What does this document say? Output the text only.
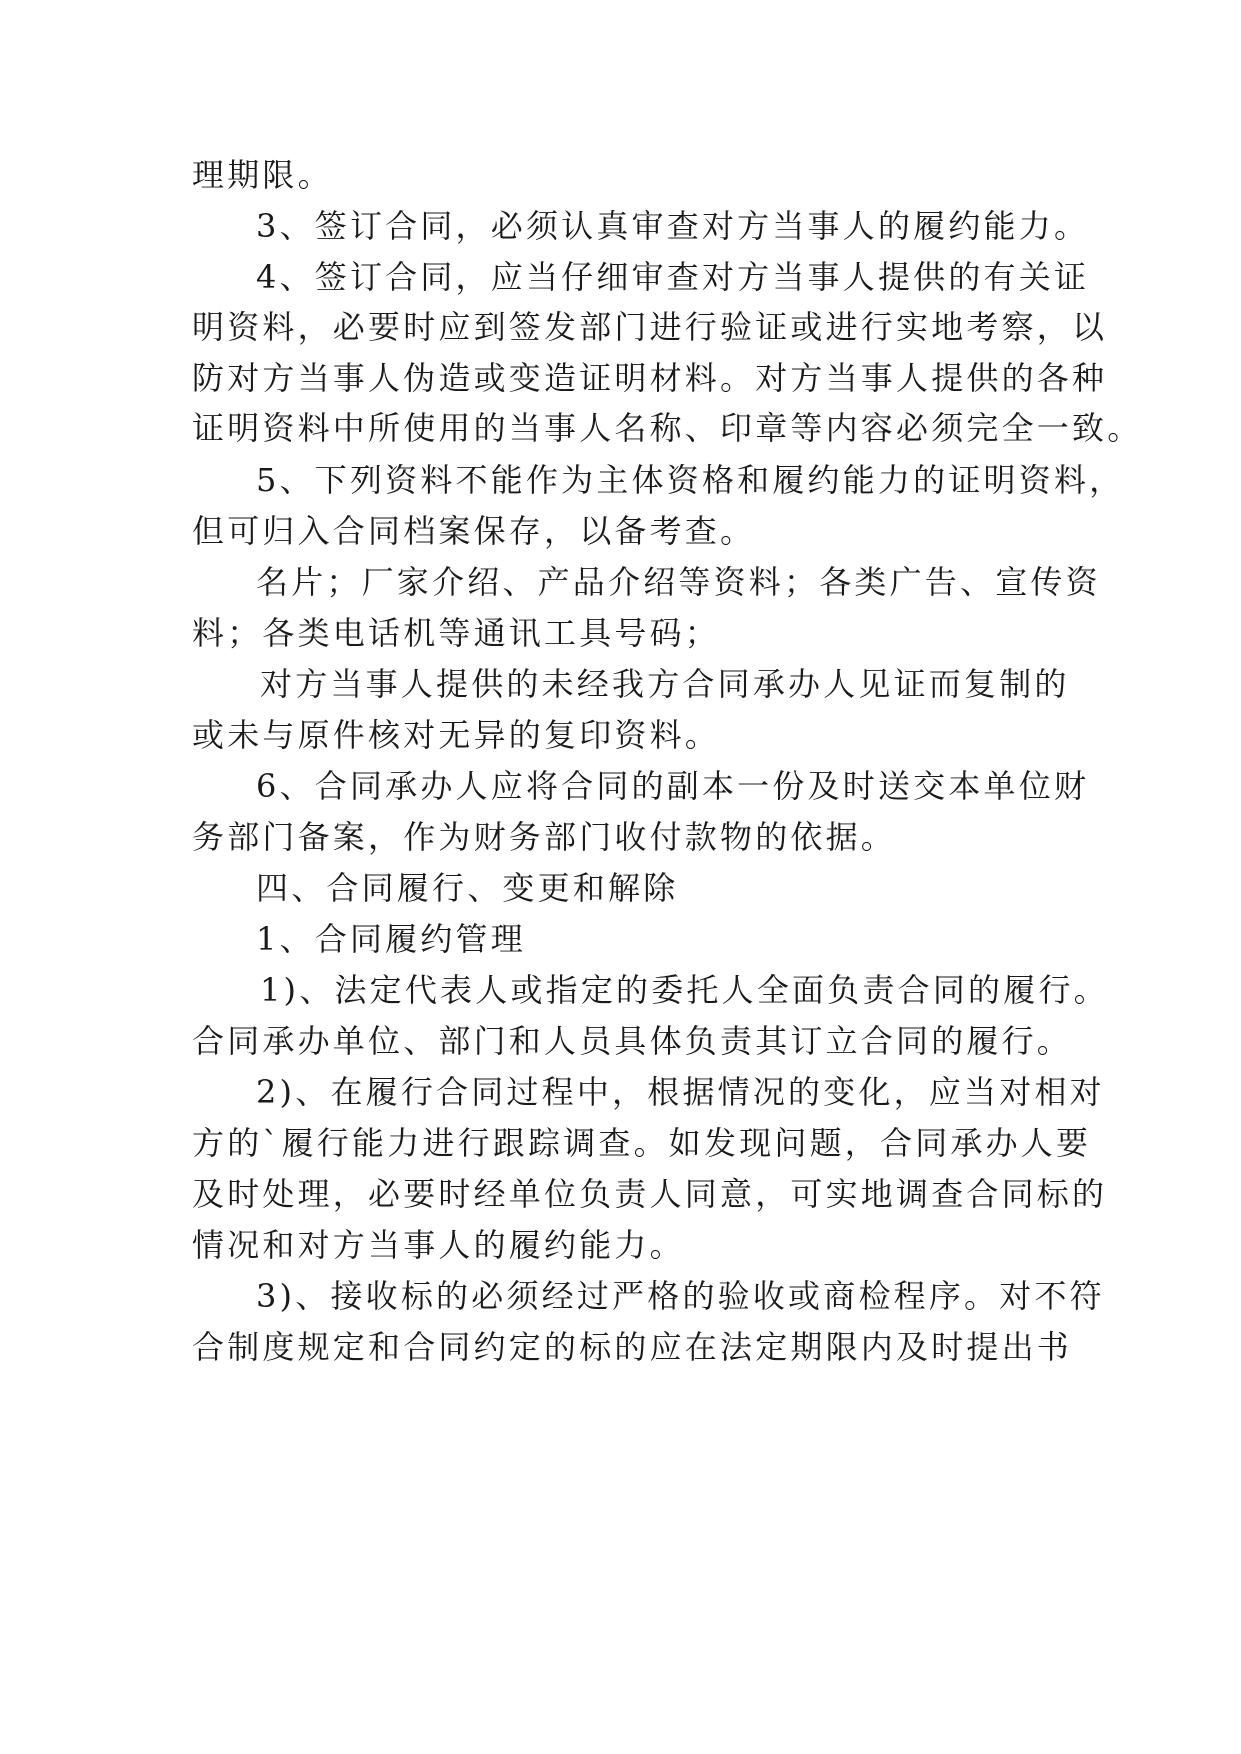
理期限。
3、签订合同，必须认真审查对方当事人的履约能力。
4、签订合同，应当仔细审查对方当事人提供的有关证
明资料，必要时应到签发部门进行验证或进行实地考察，以
防对方当事人伪造或变造证明材料。对方当事人提供的各种
证明资料中所使用的当事人名称、印章等内容必须完全一致。
5、下列资料不能作为主体资格和履约能力的证明资料，
但可归入合同档案保存，以备考查。
名片；厂家介绍、产品介绍等资料；各类广告、宣传资
料；各类电话机等通讯工具号码；
对方当事人提供的未经我方合同承办人见证而复制的
或未与原件核对无异的复印资料。
6、合同承办人应将合同的副本一份及时送交本单位财
务部门备案，作为财务部门收付款物的依据。
四、合同履行、变更和解除
1、合同履约管理
1)、法定代表人或指定的委托人全面负责合同的履行。
合同承办单位、部门和人员具体负责其订立合同的履行。
2)、在履行合同过程中，根据情况的变化，应当对相对
方的`履行能力进行跟踪调查。如发现问题，合同承办人要
及时处理，必要时经单位负责人同意，可实地调查合同标的
情况和对方当事人的履约能力。
3)、接收标的必须经过严格的验收或商检程序。对不符
合制度规定和合同约定的标的应在法定期限内及时提出书
